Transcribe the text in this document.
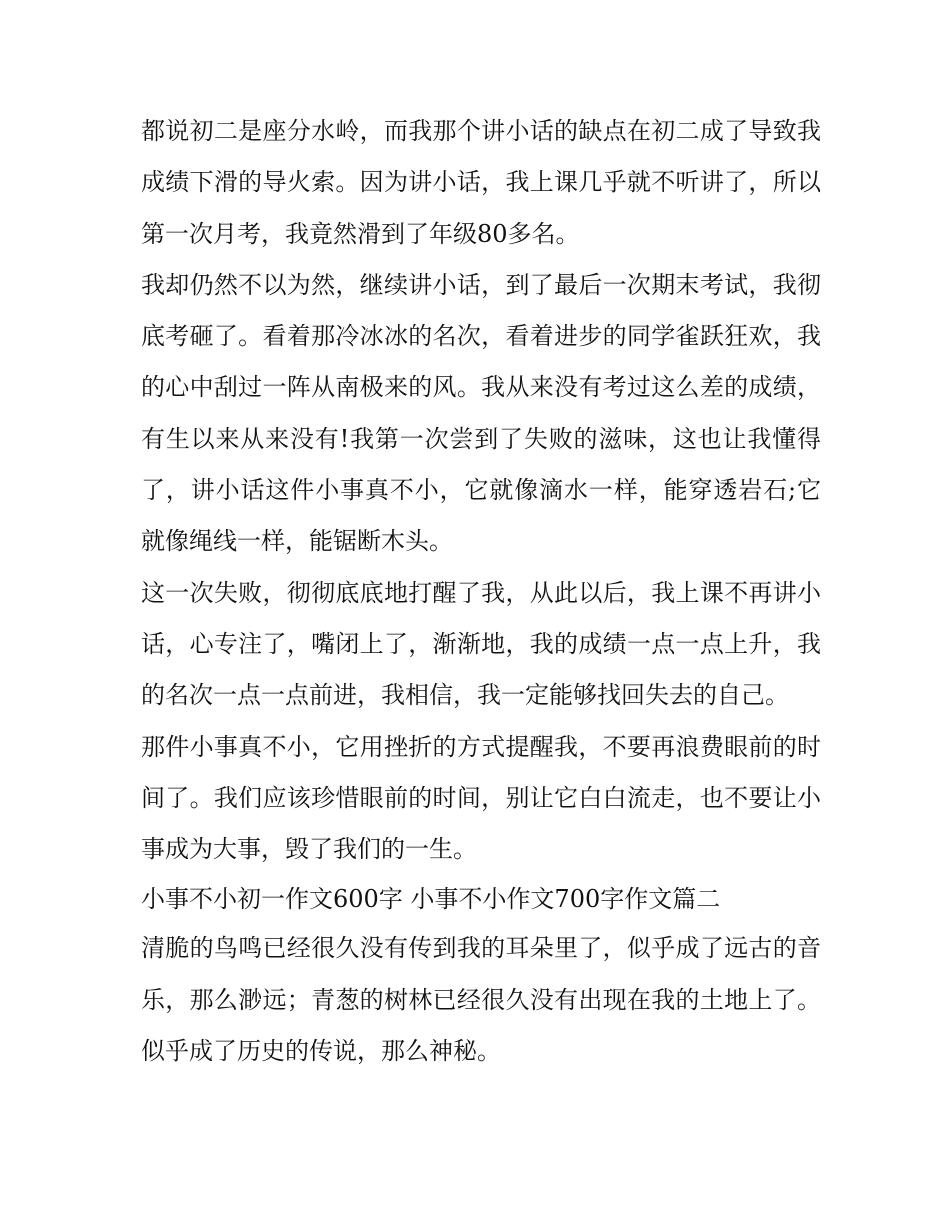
都说初二是座分水岭，而我那个讲小话的缺点在初二成了导致我成绩下滑的导火索。因为讲小话，我上课几乎就不听讲了，所以第一次月考，我竟然滑到了年级80多名。

我却仍然不以为然，继续讲小话，到了最后一次期末考试，我彻底考砸了。看着那冷冰冰的名次，看着进步的同学雀跃狂欢，我的心中刮过一阵从南极来的风。我从来没有考过这么差的成绩，有生以来从来没有!我第一次尝到了失败的滋味，这也让我懂得了，讲小话这件小事真不小，它就像滴水一样，能穿透岩石;它就像绳线一样，能锯断木头。

这一次失败，彻彻底底地打醒了我，从此以后，我上课不再讲小话，心专注了，嘴闭上了，渐渐地，我的成绩一点一点上升，我的名次一点一点前进，我相信，我一定能够找回失去的自己。

那件小事真不小，它用挫折的方式提醒我，不要再浪费眼前的时间了。我们应该珍惜眼前的时间，别让它白白流走，也不要让小事成为大事，毁了我们的一生。

小事不小初一作文600字 小事不小作文700字作文篇二

清脆的鸟鸣已经很久没有传到我的耳朵里了，似乎成了远古的音乐，那么渺远；青葱的树林已经很久没有出现在我的土地上了。似乎成了历史的传说，那么神秘。
